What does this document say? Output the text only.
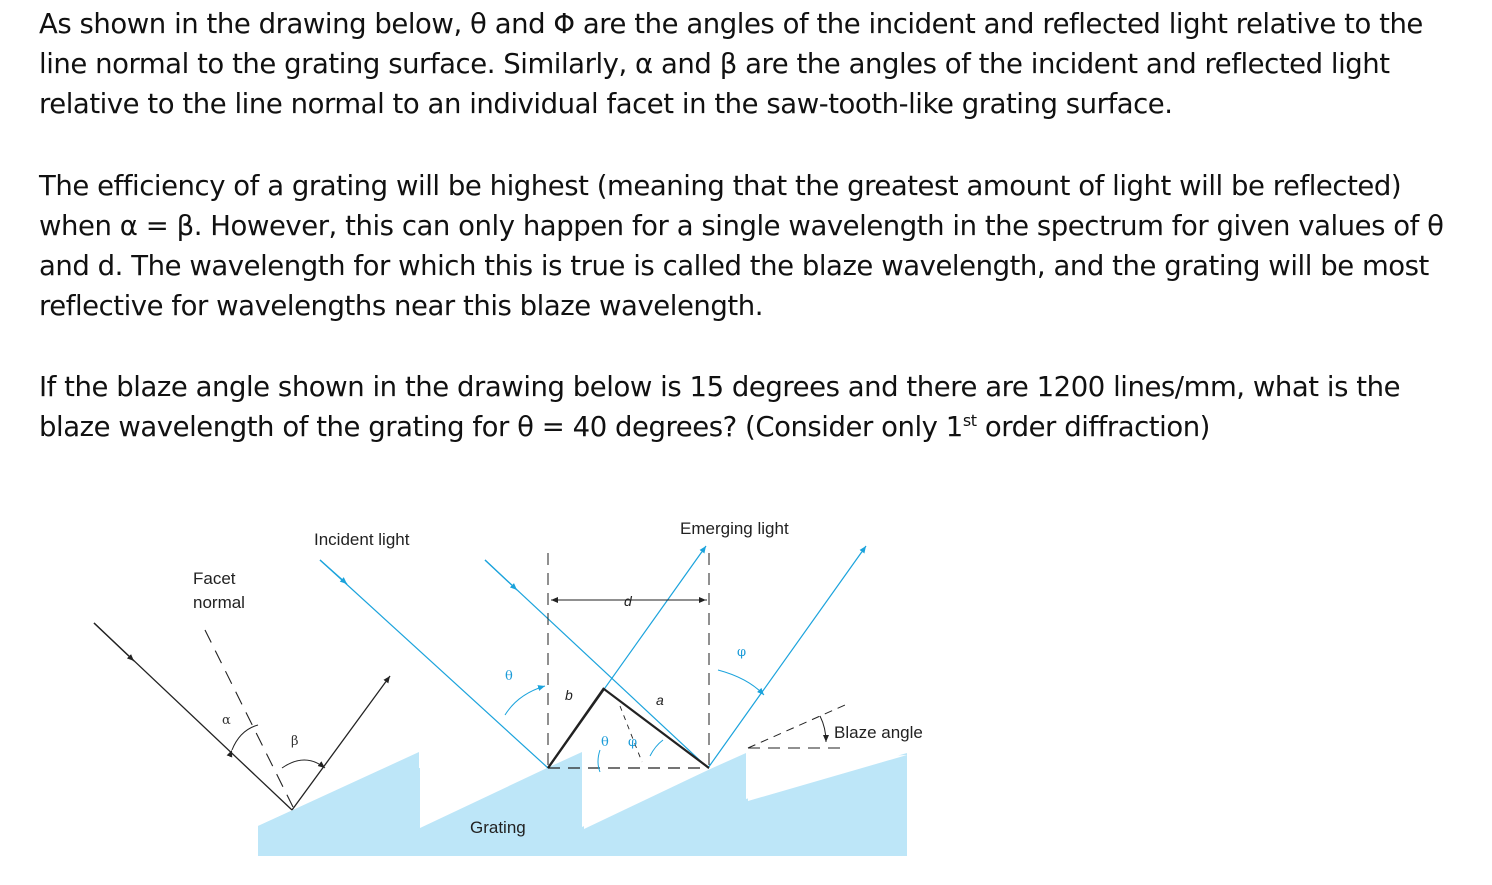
As shown in the drawing below, θ and Φ are the angles of the incident and reflected light relative to the line normal to the grating surface. Similarly, α and β are the angles of the incident and reflected light relative to the line normal to an individual facet in the saw-tooth-like grating surface.

The efficiency of a grating will be highest (meaning that the greatest amount of light will be reflected) when α = β. However, this can only happen for a single wavelength in the spectrum for given values of θ and d. The wavelength for which this is true is called the blaze wavelength, and the grating will be most reflective for wavelengths near this blaze wavelength.

If the blaze angle shown in the drawing below is 15 degrees and there are 1200 lines/mm, what is the blaze wavelength of the grating for θ = 40 degrees? (Consider only 1st order diffraction)

Facet
normal
Incident light
Emerging light
Grating
Blaze angle
α
β
θ
θ φ
φ
d
a
b
